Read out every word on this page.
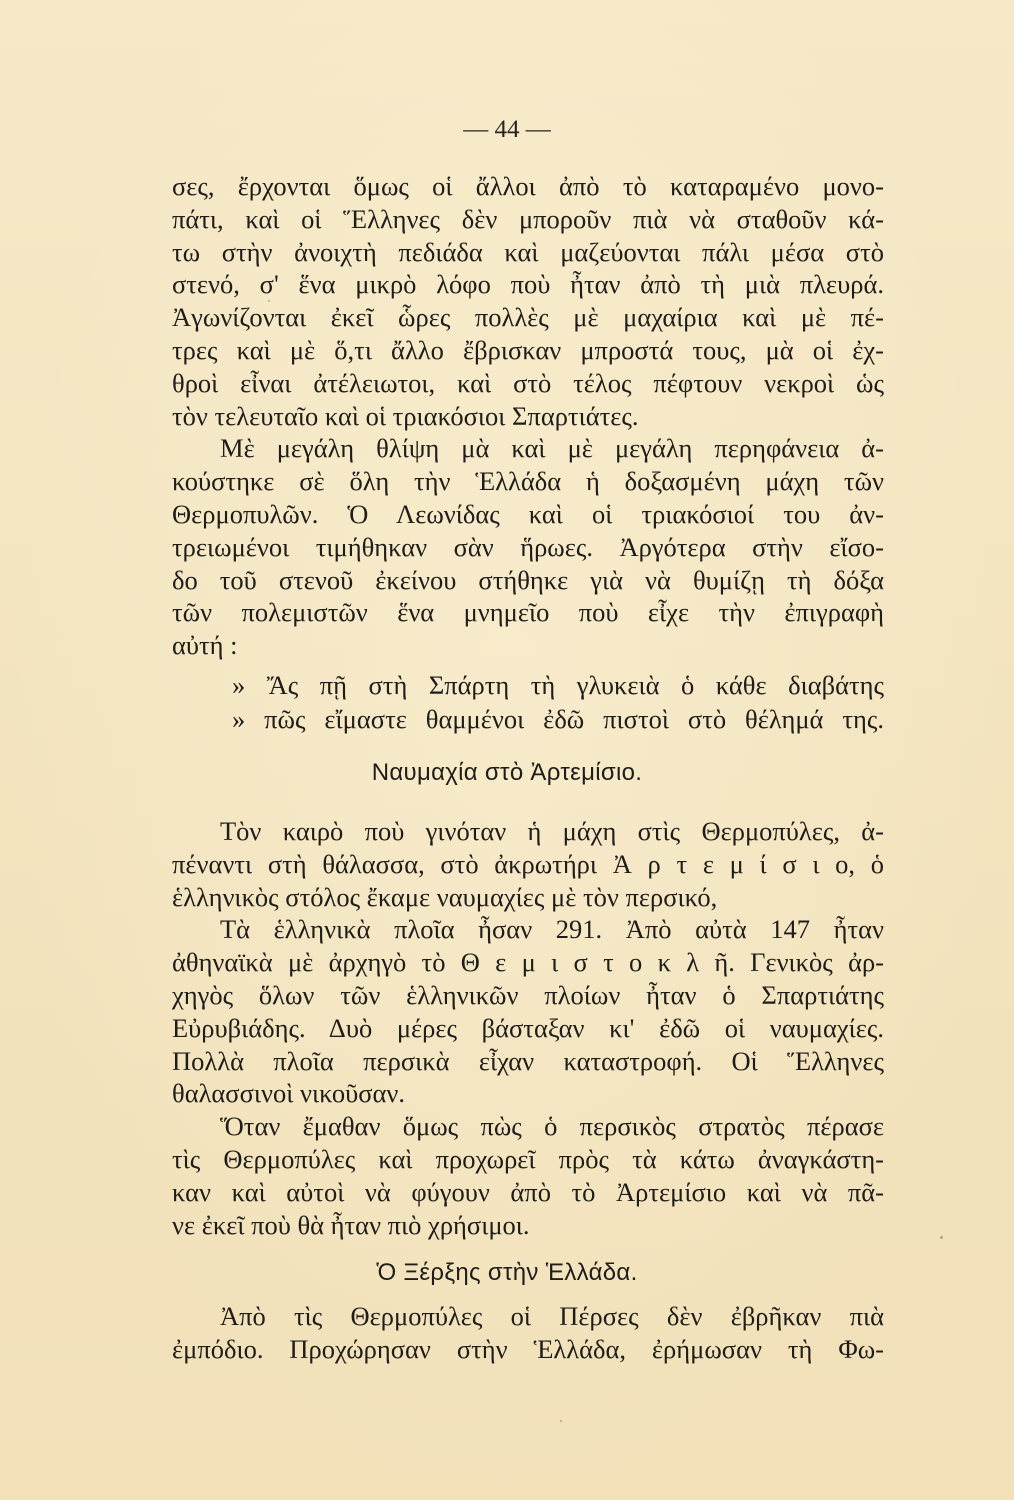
— 44 —
σες, ἔρχονται ὅμως οἱ ἄλλοι ἀπὸ τὸ καταραμένο μονο-
πάτι, καὶ οἱ Ἕλληνες δὲν μποροῦν πιὰ νὰ σταθοῦν κά-
τω στὴν ἀνοιχτὴ πεδιάδα καὶ μαζεύονται πάλι μέσα στὸ
στενό, σ' ἕνα μικρὸ λόφο ποὺ ἦταν ἀπὸ τὴ μιὰ πλευρά.
Ἀγωνίζονται ἐκεῖ ὧρες πολλὲς μὲ μαχαίρια καὶ μὲ πέ-
τρες καὶ μὲ ὅ,τι ἄλλο ἔβρισκαν μπροστά τους, μὰ οἱ ἐχ-
θροὶ εἶναι ἀτέλειωτοι, καὶ στὸ τέλος πέφτουν νεκροὶ ὡς
τὸν τελευταῖο καὶ οἱ τριακόσιοι Σπαρτιάτες.
Μὲ μεγάλη θλίψη μὰ καὶ μὲ μεγάλη περηφάνεια ἀ-
κούστηκε σὲ ὅλη τὴν Ἑλλάδα ἡ δοξασμένη μάχη τῶν
Θερμοπυλῶν. Ὁ Λεωνίδας καὶ οἱ τριακόσιοί του ἀν-
τρειωμένοι τιμήθηκαν σὰν ἥρωες. Ἀργότερα στὴν εἴσο-
δο τοῦ στενοῦ ἐκείνου στήθηκε γιὰ νὰ θυμίζῃ τὴ δόξα
τῶν πολεμιστῶν ἕνα μνημεῖο ποὺ εἶχε τὴν ἐπιγραφὴ
αὐτή :
» Ἄς πῇ στὴ Σπάρτη τὴ γλυκειὰ ὁ κάθε διαβάτης
» πῶς εἴμαστε θαμμένοι ἐδῶ πιστοὶ στὸ θέλημά της.
Ναυμαχία στὸ Ἀρτεμίσιο.
Τὸν καιρὸ ποὺ γινόταν ἡ μάχη στὶς Θερμοπύλες, ἀ-
πέναντι στὴ θάλασσα, στὸ ἀκρωτήρι Ἀ ρ τ ε μ ί σ ι ο, ὁ
ἑλληνικὸς στόλος ἔκαμε ναυμαχίες μὲ τὸν περσικό,
Τὰ ἑλληνικὰ πλοῖα ἦσαν 291. Ἀπὸ αὐτὰ 147 ἦταν
ἀθηναϊκὰ μὲ ἀρχηγὸ τὸ Θ ε μ ι σ τ ο κ λ ῆ. Γενικὸς ἀρ-
χηγὸς ὅλων τῶν ἑλληνικῶν πλοίων ἦταν ὁ Σπαρτιάτης
Εὐρυβιάδης. Δυὸ μέρες βάσταξαν κι' ἐδῶ οἱ ναυμαχίες.
Πολλὰ πλοῖα περσικὰ εἶχαν καταστροφή. Οἱ Ἕλληνες
θαλασσινοὶ νικοῦσαν.
Ὅταν ἔμαθαν ὅμως πὼς ὁ περσικὸς στρατὸς πέρασε
τὶς Θερμοπύλες καὶ προχωρεῖ πρὸς τὰ κάτω ἀναγκάστη-
καν καὶ αὐτοὶ νὰ φύγουν ἀπὸ τὸ Ἀρτεμίσιο καὶ νὰ πᾶ-
νε ἐκεῖ ποὺ θὰ ἦταν πιὸ χρήσιμοι.
Ὁ Ξέρξης στὴν Ἑλλάδα.
Ἀπὸ τὶς Θερμοπύλες οἱ Πέρσες δὲν ἐβρῆκαν πιὰ
ἐμπόδιο. Προχώρησαν στὴν Ἑλλάδα, ἐρήμωσαν τὴ Φω-
